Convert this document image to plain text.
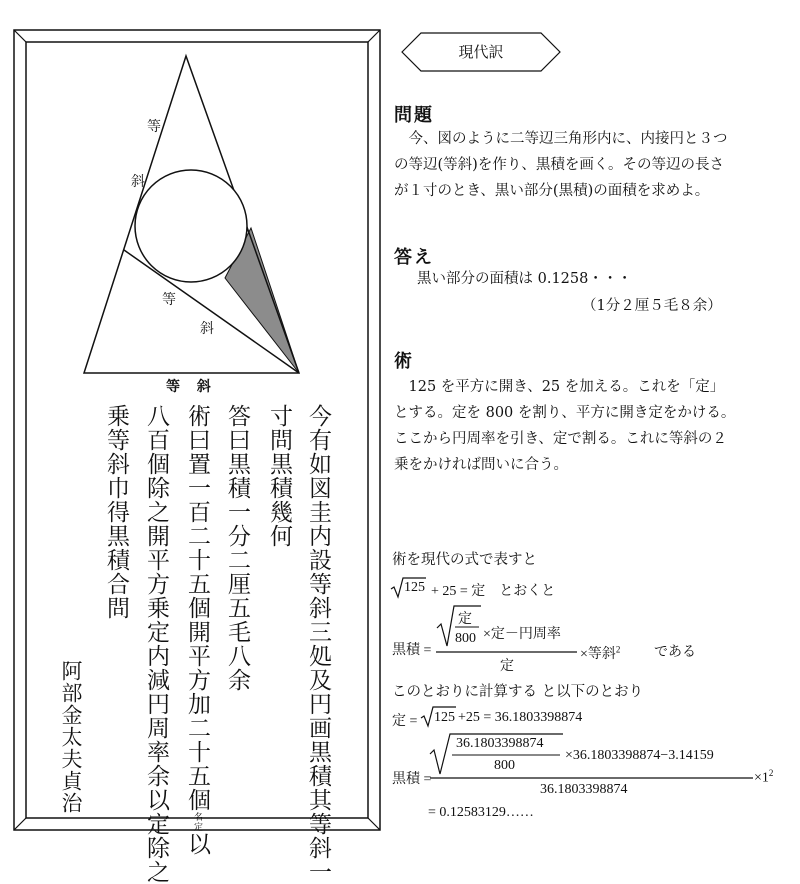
等
斜
等
斜
等 斜
今有如図圭内設等斜三処及円画黒積其等斜一
寸問黒積幾何
答曰黒積一分二厘五毛八余
術曰置一百二十五個開平方加二十五個名定以
八百個除之開平方乗定内減円周率余以定除之
乗等斜巾得黒積合問
阿部金太夫貞治
現代訳
問題
　今、図のように二等辺三角形内に、内接円と３つ
の等辺(等斜)を作り、黒積を画く。その等辺の長さ
が１寸のとき、黒い部分(黒積)の面積を求めよ。
答え
黒い部分の面積は 0.1258・・・
（1分２厘５毛８余）
術
　125 を平方に開き、25 を加える。これを「定」
とする。定を 800 を割り、平方に開き定をかける。
ここから円周率を引き、定で割る。これに等斜の２
乗をかければ問いに合う。
術を現代の式で表すと
125 + 25 = 定　とおくと
黒積 =
定
800 ×定－円周率
定
×等斜$^2$ である
このとおりに計算する と以下のとおり
定 = 125 +25 = 36.1803398874
黒積 =
36.1803398874
800
×36.1803398874−3.14159
36.1803398874
$\times 1^2$
= 0.12583129……
